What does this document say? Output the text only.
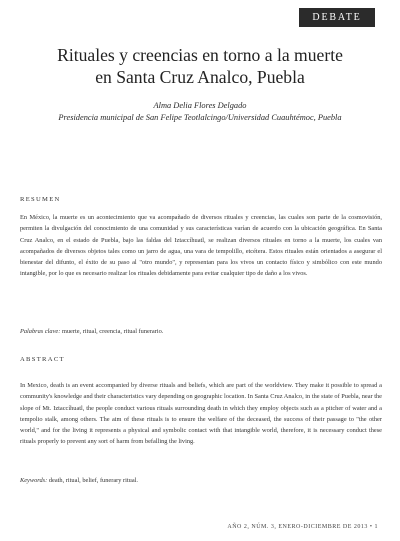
DEBATE
Rituales y creencias en torno a la muerte
en Santa Cruz Analco, Puebla
Alma Delia Flores Delgado
Presidencia municipal de San Felipe Teotlalcingo/Universidad Cuauhtémoc, Puebla
RESUMEN

En México, la muerte es un acontecimiento que va acompañado de diversos rituales y creencias, las cuales son parte de la cosmovisión, permiten la divulgación del conocimiento de una comunidad y sus características varían de acuerdo con la ubicación geográfica. En Santa Cruz Analco, en el estado de Puebla, bajo las faldas del Iztaccíhuatl, se realizan diversos rituales en torno a la muerte, los cuales van acompañados de diversos objetos tales como un jarro de agua, una vara de tempolillo, etcétera. Estos rituales están orientados a asegurar el bienestar del difunto, el éxito de su paso al "otro mundo", y representan para los vivos un contacto físico y simbólico con este mundo intangible, por lo que es necesario realizar los rituales debidamente para evitar cualquier tipo de daño a los vivos.

Palabras clave: muerte, ritual, creencia, ritual funerario.
ABSTRACT

In Mexico, death is an event accompanied by diverse rituals and beliefs, which are part of the worldview. They make it possible to spread a community's knowledge and their characteristics vary depending on geographic location. In Santa Cruz Analco, in the state of Puebla, near the slope of Mt. Iztaccíhuatl, the people conduct various rituals surrounding death in which they employ objects such as a pitcher of water and a tempolio stalk, among others. The aim of these rituals is to ensure the welfare of the deceased, the success of their passage to "the other world," and for the living it represents a physical and symbolic contact with that intangible world, therefore, it is necessary conduct these rituals properly to prevent any sort of harm from befalling the living.

Keywords: death, ritual, belief, funerary ritual.
AÑO 2, NÚM. 3, ENERO-DICIEMBRE DE 2013 • 1
